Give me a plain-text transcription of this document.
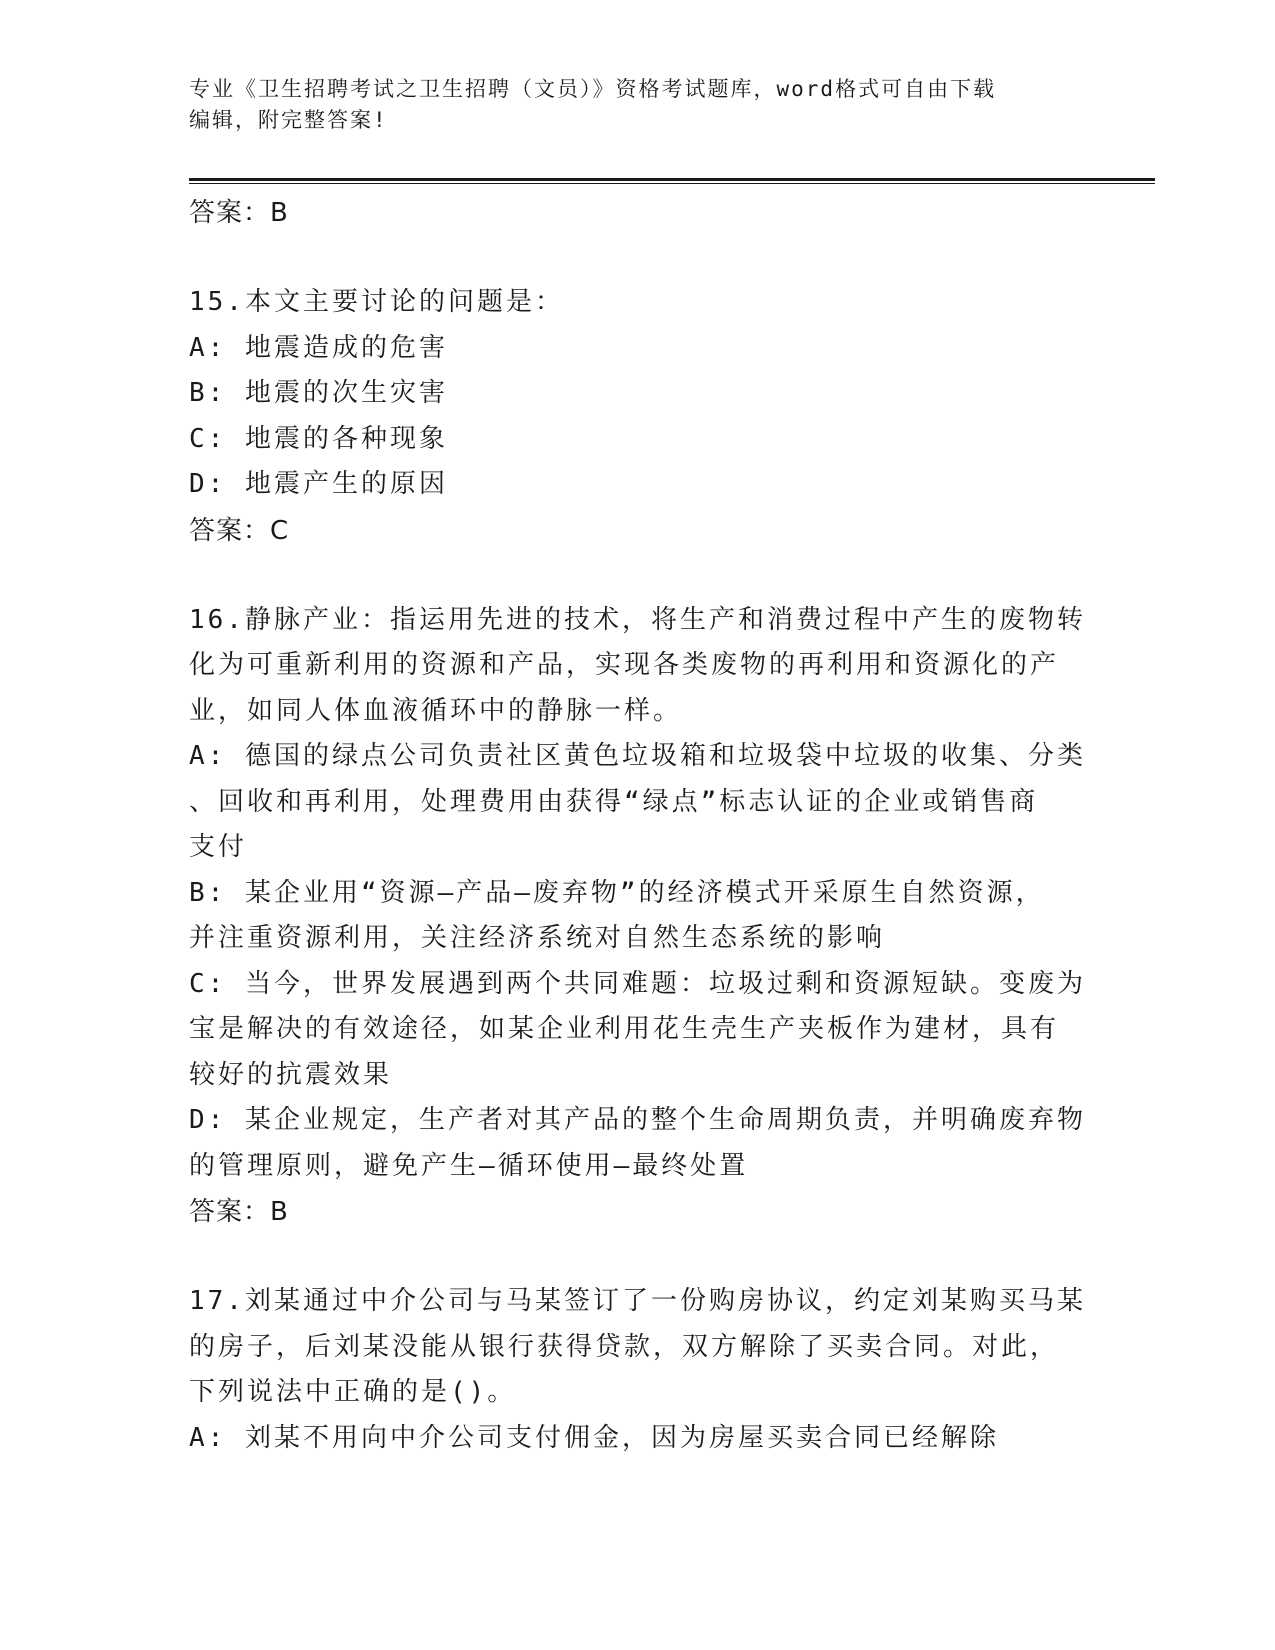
专业《卫生招聘考试之卫生招聘（文员）》资格考试题库，word格式可自由下载
编辑，附完整答案!
答案：B
15.本文主要讨论的问题是：
A: 地震造成的危害
B: 地震的次生灾害
C: 地震的各种现象
D: 地震产生的原因
答案：C
16.静脉产业：指运用先进的技术，将生产和消费过程中产生的废物转
化为可重新利用的资源和产品，实现各类废物的再利用和资源化的产
业，如同人体血液循环中的静脉一样。
A: 德国的绿点公司负责社区黄色垃圾箱和垃圾袋中垃圾的收集、分类
、回收和再利用，处理费用由获得“绿点”标志认证的企业或销售商
支付
B: 某企业用“资源—产品—废弃物”的经济模式开采原生自然资源，
并注重资源利用，关注经济系统对自然生态系统的影响
C: 当今，世界发展遇到两个共同难题：垃圾过剩和资源短缺。变废为
宝是解决的有效途径，如某企业利用花生壳生产夹板作为建材，具有
较好的抗震效果
D: 某企业规定，生产者对其产品的整个生命周期负责，并明确废弃物
的管理原则，避免产生—循环使用—最终处置
答案：B
17.刘某通过中介公司与马某签订了一份购房协议，约定刘某购买马某
的房子，后刘某没能从银行获得贷款，双方解除了买卖合同。对此，
下列说法中正确的是()。
A: 刘某不用向中介公司支付佣金，因为房屋买卖合同已经解除
